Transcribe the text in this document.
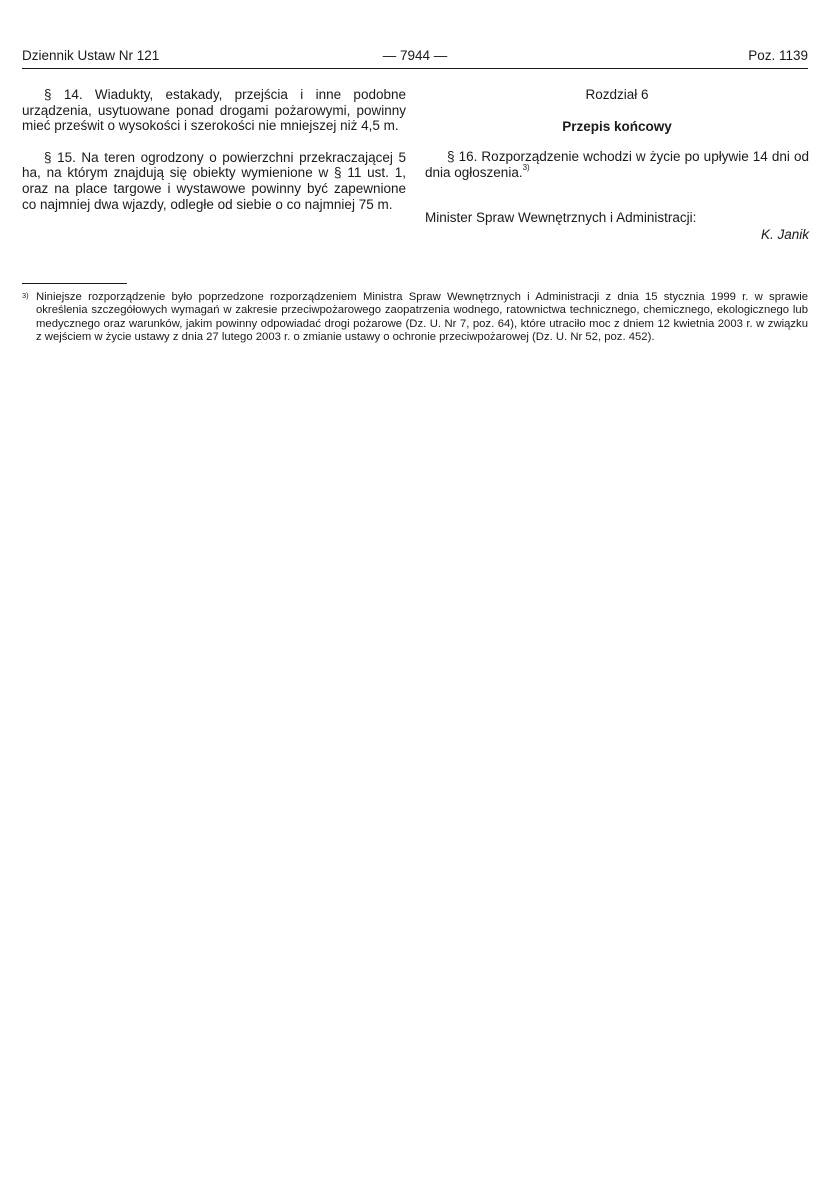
Dziennik Ustaw Nr 121	— 7944 —	Poz. 1139

§ 14. Wiadukty, estakady, przejścia i inne podobne urządzenia, usytuowane ponad drogami pożarowymi, powinny mieć prześwit o wysokości i szerokości nie mniejszej niż 4,5 m.

§ 15. Na teren ogrodzony o powierzchni przekraczającej 5 ha, na którym znajdują się obiekty wymienione w § 11 ust. 1, oraz na place targowe i wystawowe powinny być zapewnione co najmniej dwa wjazdy, odległe od siebie o co najmniej 75 m.

Rozdział 6

Przepis końcowy

§ 16. Rozporządzenie wchodzi w życie po upływie 14 dni od dnia ogłoszenia.$^{3)}$

Minister Spraw Wewnętrznych i Administracji:

K. Janik

3) Niniejsze rozporządzenie było poprzedzone rozporządzeniem Ministra Spraw Wewnętrznych i Administracji z dnia 15 stycznia 1999 r. w sprawie określenia szczegółowych wymagań w zakresie przeciwpożarowego zaopatrzenia wodnego, ratownictwa technicznego, chemicznego, ekologicznego lub medycznego oraz warunków, jakim powinny odpowiadać drogi pożarowe (Dz. U. Nr 7, poz. 64), które utraciło moc z dniem 12 kwietnia 2003 r. w związku z wejściem w życie ustawy z dnia 27 lutego 2003 r. o zmianie ustawy o ochronie przeciwpożarowej (Dz. U. Nr 52, poz. 452).
